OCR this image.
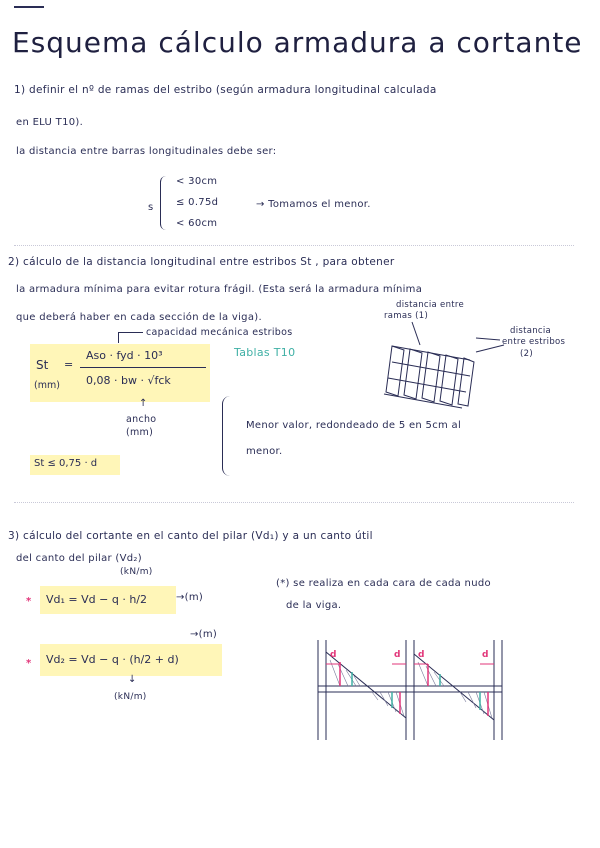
Esquema cálculo armadura a cortante
1) definir el nº de ramas del estribo (según armadura longitudinal calculada
en ELU T10).
la distancia entre barras longitudinales debe ser:
s
< 30cm
≤ 0.75d
< 60cm
→ Tomamos el menor.
2) cálculo de la distancia longitudinal entre estribos St , para obtener
la armadura mínima para evitar rotura frágil. (Esta será la armadura mínima
que deberá haber en cada sección de la viga).
capacidad mecánica estribos
St =
(mm)
Aso · fyd · 10³
0,08 · bw · √fck
Tablas T10
↑
ancho
(mm)
Menor valor, redondeado de 5 en 5cm al
menor.
St ≤ 0,75 · d
distancia entre
ramas (1)
distancia
entre estribos
(2)
3) cálculo del cortante en el canto del pilar (Vd₁) y a un canto útil
del canto del pilar (Vd₂)
(kN/m)
* Vd₁ = Vd − q · h/2	→(m)
(*) se realiza en cada cara de cada nudo
de la viga.
→(m)
* Vd₂ = Vd − q · (h/2 + d)
↓
(kN/m)
d	d d	d
